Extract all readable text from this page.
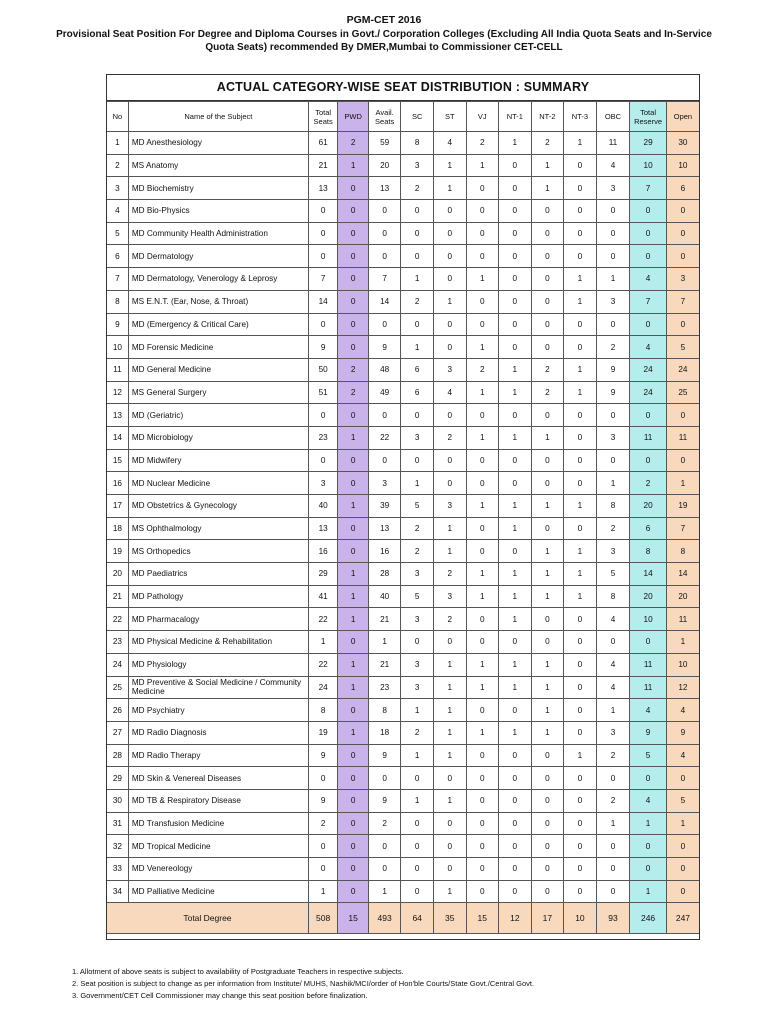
PGM-CET 2016
Provisional Seat Position For Degree and Diploma Courses in Govt./ Corporation Colleges (Excluding All India Quota Seats and In-Service
Quota Seats) recommended By DMER,Mumbai to Commissioner CET-CELL
ACTUAL CATEGORY-WISE SEAT DISTRIBUTION : SUMMARY
No	Name of the Subject	Total Seats	PWD	Avail. Seats	SC	ST	VJ	NT-1	NT-2	NT-3	OBC	Total Reserve	Open
1	MD Anesthesiology	61	2	59	8	4	2	1	2	1	11	29	30
2	MS Anatomy	21	1	20	3	1	1	0	1	0	4	10	10
3	MD Biochemistry	13	0	13	2	1	0	0	1	0	3	7	6
4	MD Bio-Physics	0	0	0	0	0	0	0	0	0	0	0	0
5	MD Community Health Administration	0	0	0	0	0	0	0	0	0	0	0	0
6	MD Dermatology	0	0	0	0	0	0	0	0	0	0	0	0
7	MD Dermatology, Venerology & Leprosy	7	0	7	1	0	1	0	0	1	1	4	3
8	MS E.N.T. (Ear, Nose, & Throat)	14	0	14	2	1	0	0	0	1	3	7	7
9	MD (Emergency & Critical Care)	0	0	0	0	0	0	0	0	0	0	0	0
10	MD Forensic Medicine	9	0	9	1	0	1	0	0	0	2	4	5
11	MD General Medicine	50	2	48	6	3	2	1	2	1	9	24	24
12	MS General Surgery	51	2	49	6	4	1	1	2	1	9	24	25
13	MD (Geriatric)	0	0	0	0	0	0	0	0	0	0	0	0
14	MD Microbiology	23	1	22	3	2	1	1	1	0	3	11	11
15	MD Midwifery	0	0	0	0	0	0	0	0	0	0	0	0
16	MD Nuclear Medicine	3	0	3	1	0	0	0	0	0	1	2	1
17	MD Obstetrics & Gynecology	40	1	39	5	3	1	1	1	1	8	20	19
18	MS Ophthalmology	13	0	13	2	1	0	1	0	0	2	6	7
19	MS Orthopedics	16	0	16	2	1	0	0	1	1	3	8	8
20	MD Paediatrics	29	1	28	3	2	1	1	1	1	5	14	14
21	MD Pathology	41	1	40	5	3	1	1	1	1	8	20	20
22	MD Pharmacalogy	22	1	21	3	2	0	1	0	0	4	10	11
23	MD Physical Medicine & Rehabilitation	1	0	1	0	0	0	0	0	0	0	0	1
24	MD Physiology	22	1	21	3	1	1	1	1	0	4	11	10
25	MD Preventive & Social Medicine / Community Medicine	24	1	23	3	1	1	1	1	0	4	11	12
26	MD Psychiatry	8	0	8	1	1	0	0	1	0	1	4	4
27	MD Radio Diagnosis	19	1	18	2	1	1	1	1	0	3	9	9
28	MD Radio Therapy	9	0	9	1	1	0	0	0	1	2	5	4
29	MD Skin & Venereal Diseases	0	0	0	0	0	0	0	0	0	0	0	0
30	MD TB & Respiratory Disease	9	0	9	1	1	0	0	0	0	2	4	5
31	MD Transfusion Medicine	2	0	2	0	0	0	0	0	0	1	1	1
32	MD Tropical Medicine	0	0	0	0	0	0	0	0	0	0	0	0
33	MD Venereology	0	0	0	0	0	0	0	0	0	0	0	0
34	MD Palliative Medicine	1	0	1	0	1	0	0	0	0	0	1	0
Total Degree		508	15	493	64	35	15	12	17	10	93	246	247
1. Allotment of above seats is subject to availability of Postgraduate Teachers in respective subjects.
2. Seat position is subject to change as per information from Institute/ MUHS, Nashik/MCI/order of Hon'ble Courts/State Govt./Central Govt.
3. Government/CET Cell Commissioner may change this seat position before finalization.
